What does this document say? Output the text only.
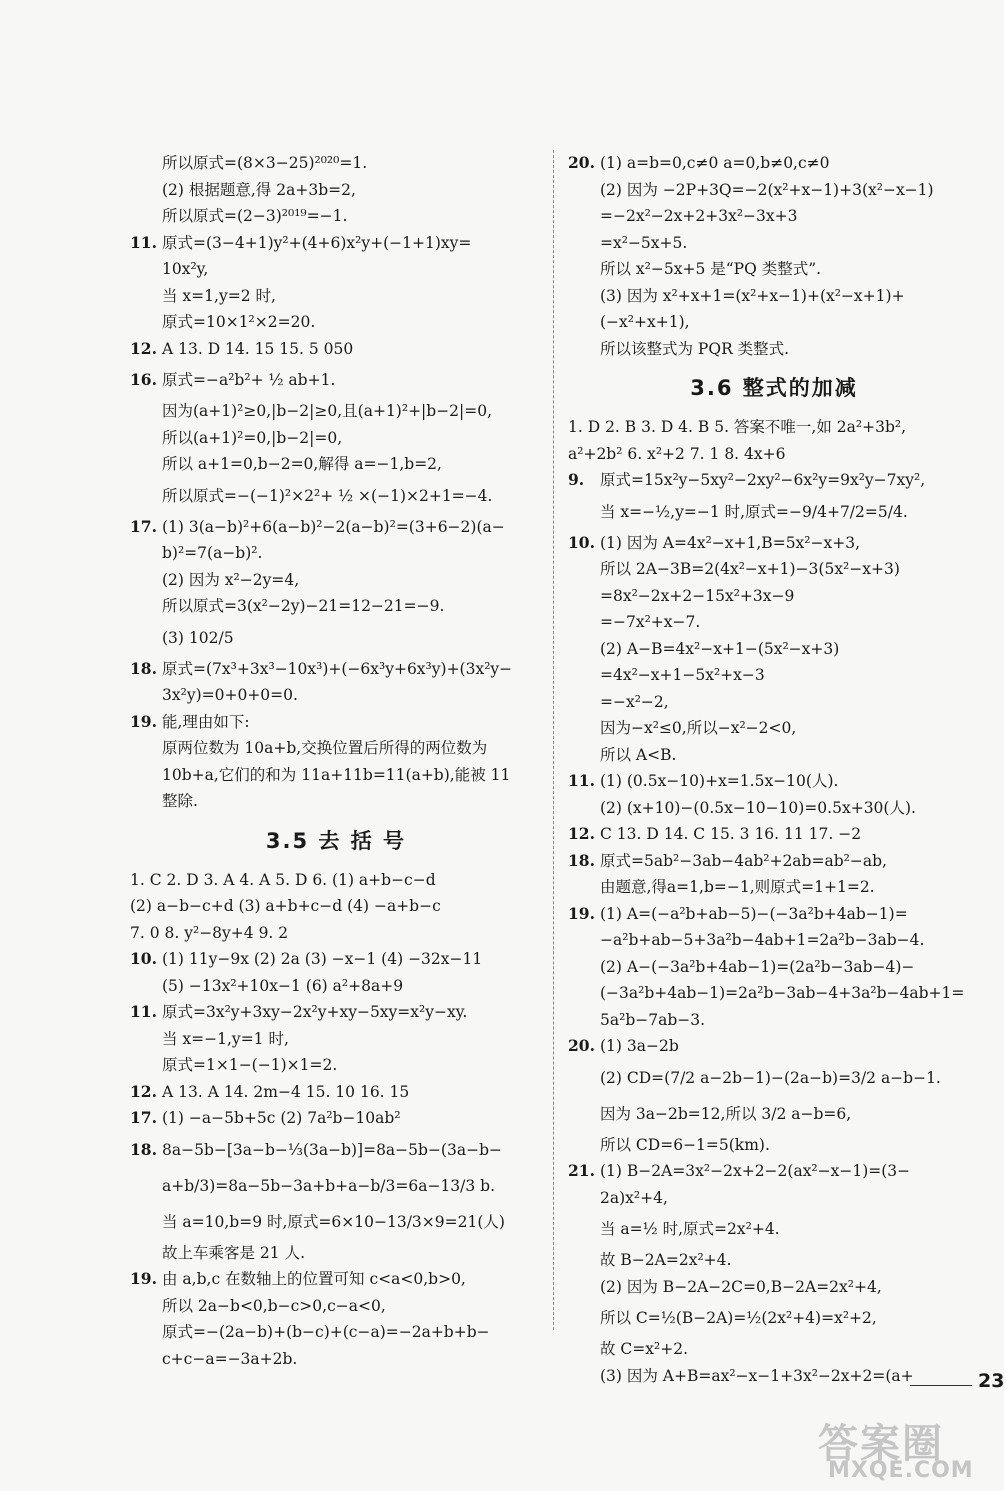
所以原式=(8×3−25)²⁰²⁰=1.
(2) 根据题意,得 2a+3b=2,
所以原式=(2−3)²⁰¹⁹=−1.
11. 原式=(3−4+1)y²+(4+6)x²y+(−1+1)xy=
10x²y,
当 x=1,y=2 时,
原式=10×1²×2=20.
12. A 13. D 14. 15 15. 5 050
16. 原式=−a²b²+ ½ ab+1.
因为(a+1)²≥0,|b−2|≥0,且(a+1)²+|b−2|=0,
所以(a+1)²=0,|b−2|=0,
所以 a+1=0,b−2=0,解得 a=−1,b=2,
所以原式=−(−1)²×2²+ ½ ×(−1)×2+1=−4.
17. (1) 3(a−b)²+6(a−b)²−2(a−b)²=(3+6−2)(a−
b)²=7(a−b)².
(2) 因为 x²−2y=4,
所以原式=3(x²−2y)−21=12−21=−9.
(3) 102/5
18. 原式=(7x³+3x³−10x³)+(−6x³y+6x³y)+(3x²y−
3x²y)=0+0+0=0.
19. 能,理由如下:
原两位数为 10a+b,交换位置后所得的两位数为
10b+a,它们的和为 11a+11b=11(a+b),能被 11
整除.
3.5 去 括 号
1. C 2. D 3. A 4. A 5. D 6. (1) a+b−c−d
(2) a−b−c+d (3) a+b+c−d (4) −a+b−c
7. 0 8. y²−8y+4 9. 2
10. (1) 11y−9x (2) 2a (3) −x−1 (4) −32x−11
(5) −13x²+10x−1 (6) a²+8a+9
11. 原式=3x²y+3xy−2x²y+xy−5xy=x²y−xy.
当 x=−1,y=1 时,
原式=1×1−(−1)×1=2.
12. A 13. A 14. 2m−4 15. 10 16. 15
17. (1) −a−5b+5c (2) 7a²b−10ab²
18. 8a−5b−[3a−b−⅓(3a−b)]=8a−5b−(3a−b−
a+b/3)=8a−5b−3a+b+a−b/3=6a−13/3 b.
当 a=10,b=9 时,原式=6×10−13/3×9=21(人)
故上车乘客是 21 人.
19. 由 a,b,c 在数轴上的位置可知 c<a<0,b>0,
所以 2a−b<0,b−c>0,c−a<0,
原式=−(2a−b)+(b−c)+(c−a)=−2a+b+b−
c+c−a=−3a+2b.
20. (1) a=b=0,c≠0 a=0,b≠0,c≠0
(2) 因为 −2P+3Q=−2(x²+x−1)+3(x²−x−1)
=−2x²−2x+2+3x²−3x+3
=x²−5x+5.
所以 x²−5x+5 是“PQ 类整式”.
(3) 因为 x²+x+1=(x²+x−1)+(x²−x+1)+
(−x²+x+1),
所以该整式为 PQR 类整式.
3.6 整式的加减
1. D 2. B 3. D 4. B 5. 答案不唯一,如 2a²+3b²,
a²+2b² 6. x²+2 7. 1 8. 4x+6
9. 原式=15x²y−5xy²−2xy²−6x²y=9x²y−7xy²,
当 x=−½,y=−1 时,原式=−9/4+7/2=5/4.
10. (1) 因为 A=4x²−x+1,B=5x²−x+3,
所以 2A−3B=2(4x²−x+1)−3(5x²−x+3)
=8x²−2x+2−15x²+3x−9
=−7x²+x−7.
(2) A−B=4x²−x+1−(5x²−x+3)
=4x²−x+1−5x²+x−3
=−x²−2,
因为−x²≤0,所以−x²−2<0,
所以 A<B.
11. (1) (0.5x−10)+x=1.5x−10(人).
(2) (x+10)−(0.5x−10−10)=0.5x+30(人).
12. C 13. D 14. C 15. 3 16. 11 17. −2
18. 原式=5ab²−3ab−4ab²+2ab=ab²−ab,
由题意,得a=1,b=−1,则原式=1+1=2.
19. (1) A=(−a²b+ab−5)−(−3a²b+4ab−1)=
−a²b+ab−5+3a²b−4ab+1=2a²b−3ab−4.
(2) A−(−3a²b+4ab−1)=(2a²b−3ab−4)−
(−3a²b+4ab−1)=2a²b−3ab−4+3a²b−4ab+1=
5a²b−7ab−3.
20. (1) 3a−2b
(2) CD=(7/2 a−2b−1)−(2a−b)=3/2 a−b−1.
因为 3a−2b=12,所以 3/2 a−b=6,
所以 CD=6−1=5(km).
21. (1) B−2A=3x²−2x+2−2(ax²−x−1)=(3−
2a)x²+4,
当 a=½ 时,原式=2x²+4.
故 B−2A=2x²+4.
(2) 因为 B−2A−2C=0,B−2A=2x²+4,
所以 C=½(B−2A)=½(2x²+4)=x²+2,
故 C=x²+2.
(3) 因为 A+B=ax²−x−1+3x²−2x+2=(a+	23
答案圈
MXQE.COM
